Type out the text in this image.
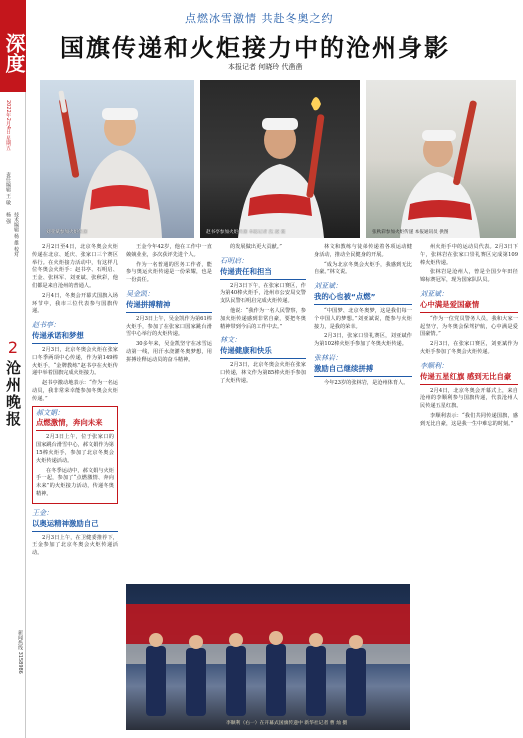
深度
2022年2月4日 星期五
责任编辑 王 敏
技术编辑 杨 雄 校对 杨 强
2
沧州晚报
新闻热线 3158986
点燃冰雪激情 共赴冬奥之约
国旗传递和火炬接力中的沧州身影
本报记者 何晓玲 代凿凿
刘亚斌参加火炬传递	赵书亭参加火炬传递 本报记者 沈 波 摄	张秋彩参加火炬传递 本报通讯员 供图

2月2日至4日，北京冬奥会火炬传递在北京、延庆、张家口三个赛区举行。在火炬接力活动中，有这样几位冬奥会火炬手：赵书亭、石明启、王金、张林军、刘亚斌、张秋彩，他们都是来自沧州的普通人。

2月4日，冬奥会开幕式国旗入场环节中，我市三位代表参与国旗传递。

赵书亭：
传递承诺和梦想

2月3日，北京冬奥会火炬在张家口冬季两项中心传递，作为第149棒火炬手，“金牌教练”赵书亭在火炬传递中举着国旗完成火炬接力。

赵书亭激动地表示：“作为一名运动员，我非常荣幸能参加冬奥会火炬传递。”

郝文娟：
点燃激情，奔向未来

2月3日上午，位于张家口的国家跳台滑雪中心，郝文娟作为第15棒火炬手，参加了北京冬奥会火炬传递活动。

在冬季运动中，郝文娟与火炬手一起，参加了“点燃激情、奔向未来”的火炬接力活动，传递冬奥精神。

王金：
以奥运精神激励自己

2月3日上午，在卫健委推荐下，王金参加了北京冬奥会火炬传递活动。

王金今年42岁，他在工作中一直兢兢业业，多次获评先进个人。

作为一名普通的医务工作者，能参与奥运火炬传递是一份荣耀，也是一份责任。

吴金凯：
传递拼搏精神

2月3日上午，吴金凯作为第61棒火炬手，参加了在张家口国家跳台滑雪中心举行的火炬传递。

30多年来，吴金凯坚守在冰雪运动第一线，用汗水浇灌冬奥梦想，用拼搏诠释运动员的奋斗精神。

的发展做出更大贡献。”

石明启：
传递责任和担当

2月3日下午，在张家口赛区，作为第40棒火炬手，沧州市公安局交警支队民警石明启完成火炬传递。

他说：“我作为一名人民警察，参加火炬传递感到非常自豪，要把冬奥精神带到今后的工作中去。”

林文：
传递健康和快乐

2月3日，北京冬奥会火炬在张家口传递，林文作为第85棒火炬手参加了火炬传递。

林文和教练与徒弟传递着各项运动健身活动，推动全民健身的开展。

“成为北京冬奥会火炬手，我感到无比自豪。”林文说。

刘亚斌：
我的心也被“点燃”

“中国梦、北京冬奥梦，这是我们每一个中国人的梦想。”刘亚斌说，能参与火炬接力，是我的荣幸。

2月3日，张家口崇礼赛区，刘亚斌作为第102棒火炬手参加了冬奥火炬传递。

张林岩：
激励自己继续拼搏

今年23岁的张林岩，是沧州体育人。

州火炬手中的运动员代表。2月3日下午，张林岩在张家口崇礼赛区完成第109棒火炬传递。

张林岩是沧州人，曾是全国少年田径锦标赛冠军，现为国家队队员。

刘亚斌：
心中满是爱国豪情

“作为一位党员警务人员，我和大家一起坚守，为冬奥会保驾护航，心中满是爱国豪情。”

2月3日，在张家口赛区，刘亚斌作为火炬手参加了冬奥会火炬传递。

李顺利：
传递五星红旗 感到无比自豪

2月4日，北京冬奥会开幕式上，来自沧州的李顺利参与国旗传递，代表沧州人民传递五星红旗。

李顺利表示：“我们共同传递国旗，感到无比自豪，这是我一生中难忘的时刻。”

李顺利（右一）在开幕式国旗传递中 新华社记者 曹 灿 摄
